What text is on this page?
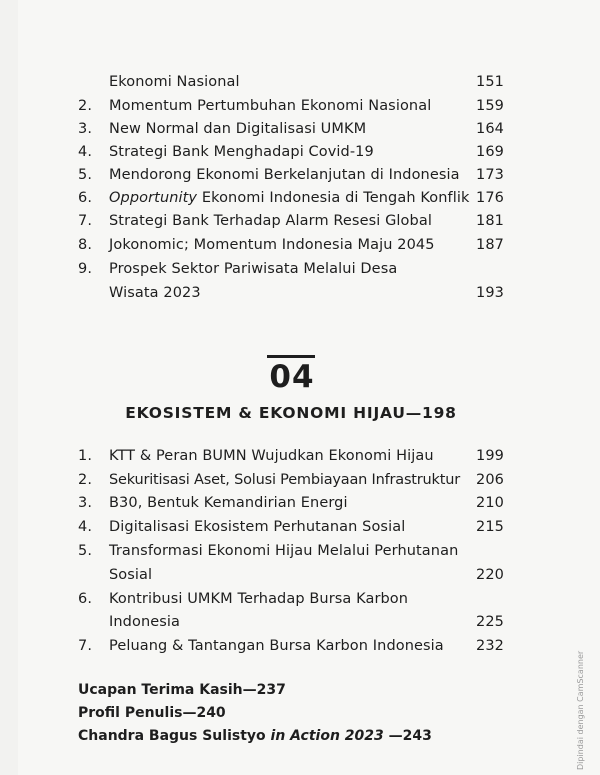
Ekonomi Nasional	151
2. Momentum Pertumbuhan Ekonomi Nasional	159
3. New Normal dan Digitalisasi UMKM	164
4. Strategi Bank Menghadapi Covid-19	169
5. Mendorong Ekonomi Berkelanjutan di Indonesia 173
6. Opportunity Ekonomi Indonesia di Tengah Konflik 176
7. Strategi Bank Terhadap Alarm Resesi Global	181
8. Jokonomic; Momentum Indonesia Maju 2045	187
9. Prospek Sektor Pariwisata Melalui Desa
Wisata 2023	193
04
EKOSISTEM & EKONOMI HIJAU—198
1. KTT & Peran BUMN Wujudkan Ekonomi Hijau	199
2. Sekuritisasi Aset, Solusi Pembiayaan Infrastruktur 206
3. B30, Bentuk Kemandirian Energi	210
4. Digitalisasi Ekosistem Perhutanan Sosial	215
5. Transformasi Ekonomi Hijau Melalui Perhutanan
Sosial	220
6. Kontribusi UMKM Terhadap Bursa Karbon
Indonesia	225
7. Peluang & Tantangan Bursa Karbon Indonesia 232
Ucapan Terima Kasih—237
Profil Penulis—240
Chandra Bagus Sulistyo in Action 2023 —243	Dipindai dengan CamScanner
